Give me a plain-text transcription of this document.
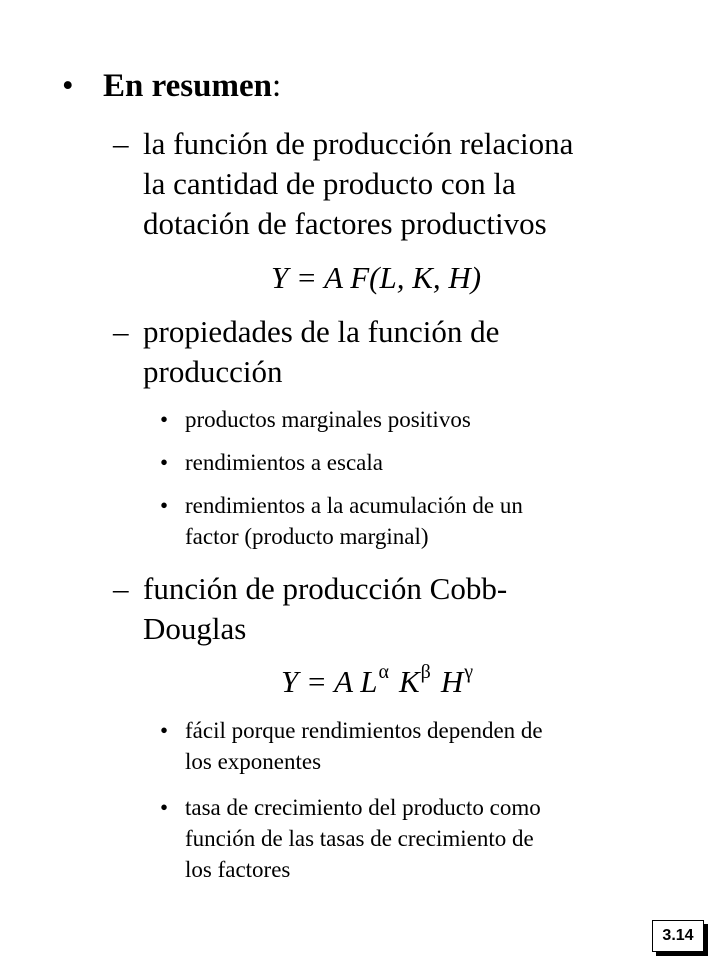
• En resumen:
– la función de producción relaciona
la cantidad de producto con la
dotación de factores productivos
Y = A F(L, K, H)
– propiedades de la función de
producción
• productos marginales positivos
• rendimientos a escala
• rendimientos a la acumulación de un
factor (producto marginal)
– función de producción Cobb-
Douglas
Y = A $L^\alpha$ $K^\beta$ $H^\gamma$
• fácil porque rendimientos dependen de
los exponentes
• tasa de crecimiento del producto como
función de las tasas de crecimiento de
los factores
3.14
